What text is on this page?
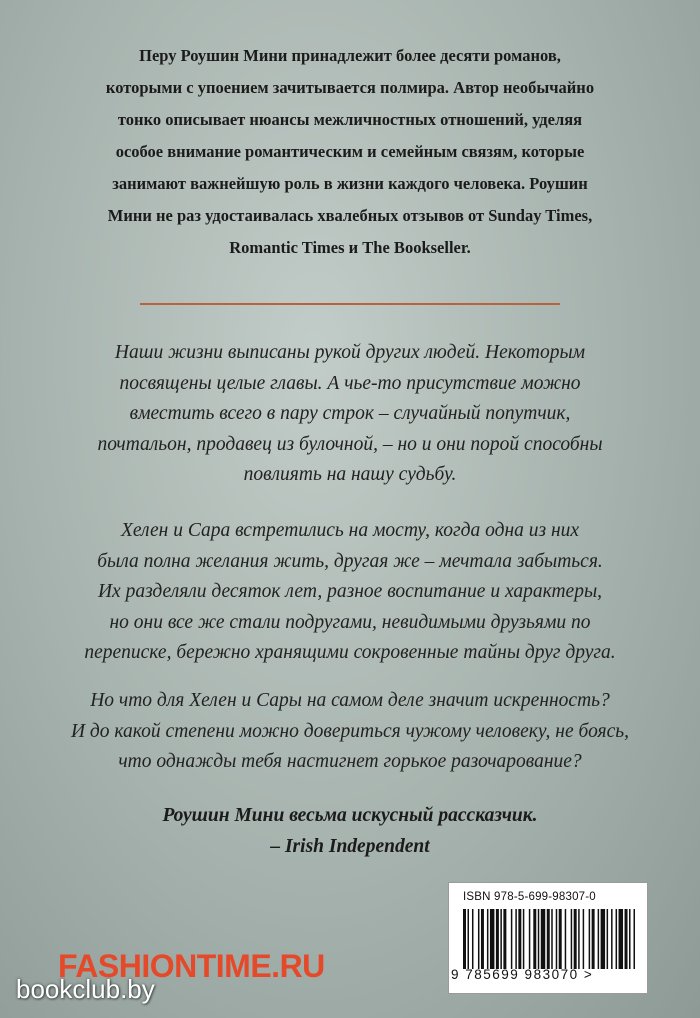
Перу Роушин Мини принадлежит более десяти романов,
которыми с упоением зачитывается полмира. Автор необычайно
тонко описывает нюансы межличностных отношений, уделяя
особое внимание романтическим и семейным связям, которые
занимают важнейшую роль в жизни каждого человека. Роушин
Мини не раз удостаивалась хвалебных отзывов от Sunday Times,
Romantic Times и The Bookseller.
Наши жизни выписаны рукой других людей. Некоторым
посвящены целые главы. А чье-то присутствие можно
вместить всего в пару строк – случайный попутчик,
почтальон, продавец из булочной, – но и они порой способны
повлиять на нашу судьбу.
Хелен и Сара встретились на мосту, когда одна из них
была полна желания жить, другая же – мечтала забыться.
Их разделяли десяток лет, разное воспитание и характеры,
но они все же стали подругами, невидимыми друзьями по
переписке, бережно хранящими сокровенные тайны друг друга.
Но что для Хелен и Сары на самом деле значит искренность?
И до какой степени можно довериться чужому человеку, не боясь,
что однажды тебя настигнет горькое разочарование?
Роушин Мини весьма искусный рассказчик.
– Irish Independent
ISBN 978-5-699-98307-0
9 785699 983070 >
FASHIONTIME.RU
bookclub.by
